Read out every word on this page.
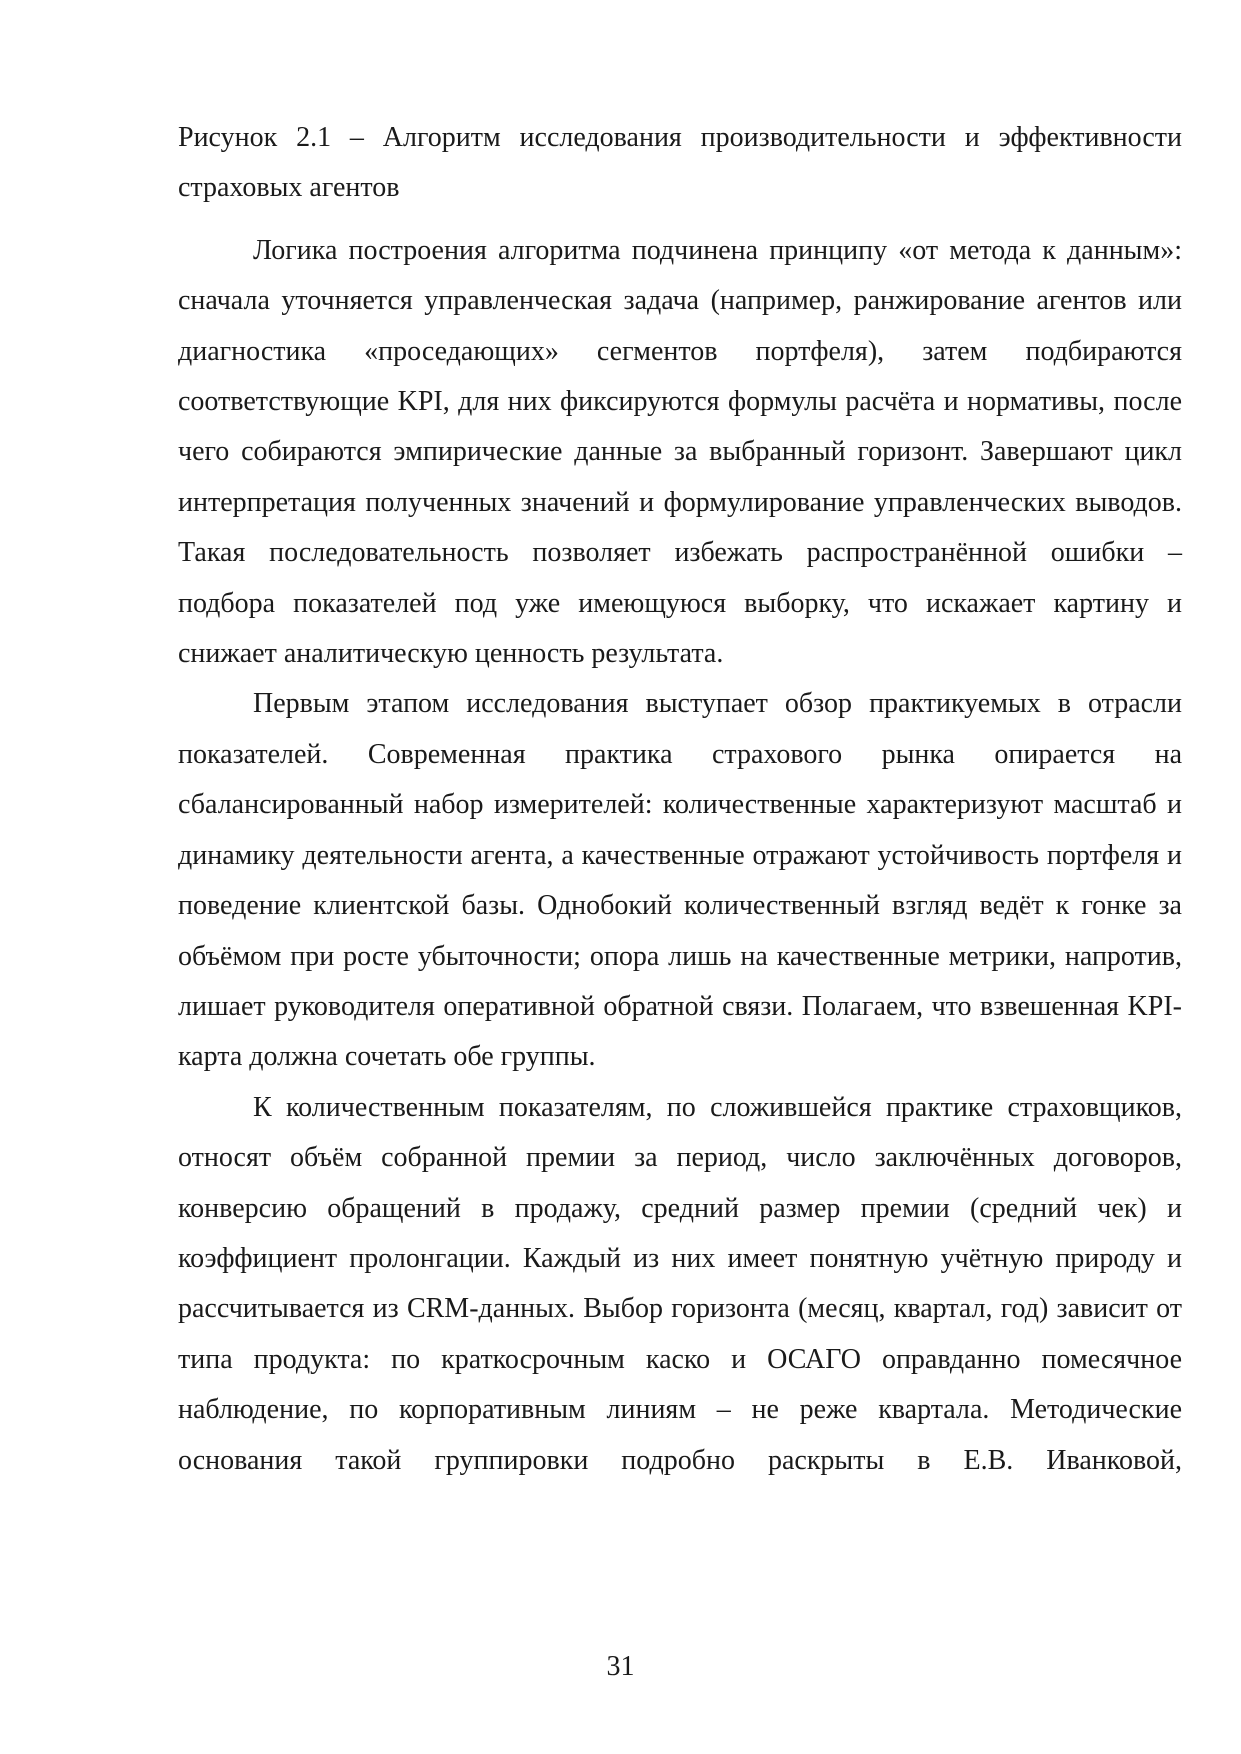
Рисунок 2.1 – Алгоритм исследования производительности и эффективности страховых агентов

Логика построения алгоритма подчинена принципу «от метода к данным»: сначала уточняется управленческая задача (например, ранжирование агентов или диагностика «проседающих» сегментов портфеля), затем подбираются соответствующие KPI, для них фиксируются формулы расчёта и нормативы, после чего собираются эмпирические данные за выбранный горизонт. Завершают цикл интерпретация полученных значений и формулирование управленческих выводов. Такая последовательность позволяет избежать распространённой ошибки – подбора показателей под уже имеющуюся выборку, что искажает картину и снижает аналитическую ценность результата.

Первым этапом исследования выступает обзор практикуемых в отрасли показателей. Современная практика страхового рынка опирается на сбалансированный набор измерителей: количественные характеризуют масштаб и динамику деятельности агента, а качественные отражают устойчивость портфеля и поведение клиентской базы. Однобокий количественный взгляд ведёт к гонке за объёмом при росте убыточности; опора лишь на качественные метрики, напротив, лишает руководителя оперативной обратной связи. Полагаем, что взвешенная KPI-карта должна сочетать обе группы.

К количественным показателям, по сложившейся практике страховщиков, относят объём собранной премии за период, число заключённых договоров, конверсию обращений в продажу, средний размер премии (средний чек) и коэффициент пролонгации. Каждый из них имеет понятную учётную природу и рассчитывается из CRM-данных. Выбор горизонта (месяц, квартал, год) зависит от типа продукта: по краткосрочным каско и ОСАГО оправданно помесячное наблюдение, по корпоративным линиям – не реже квартала. Методические основания такой группировки подробно раскрыты в Е.В. Иванковой,

31
